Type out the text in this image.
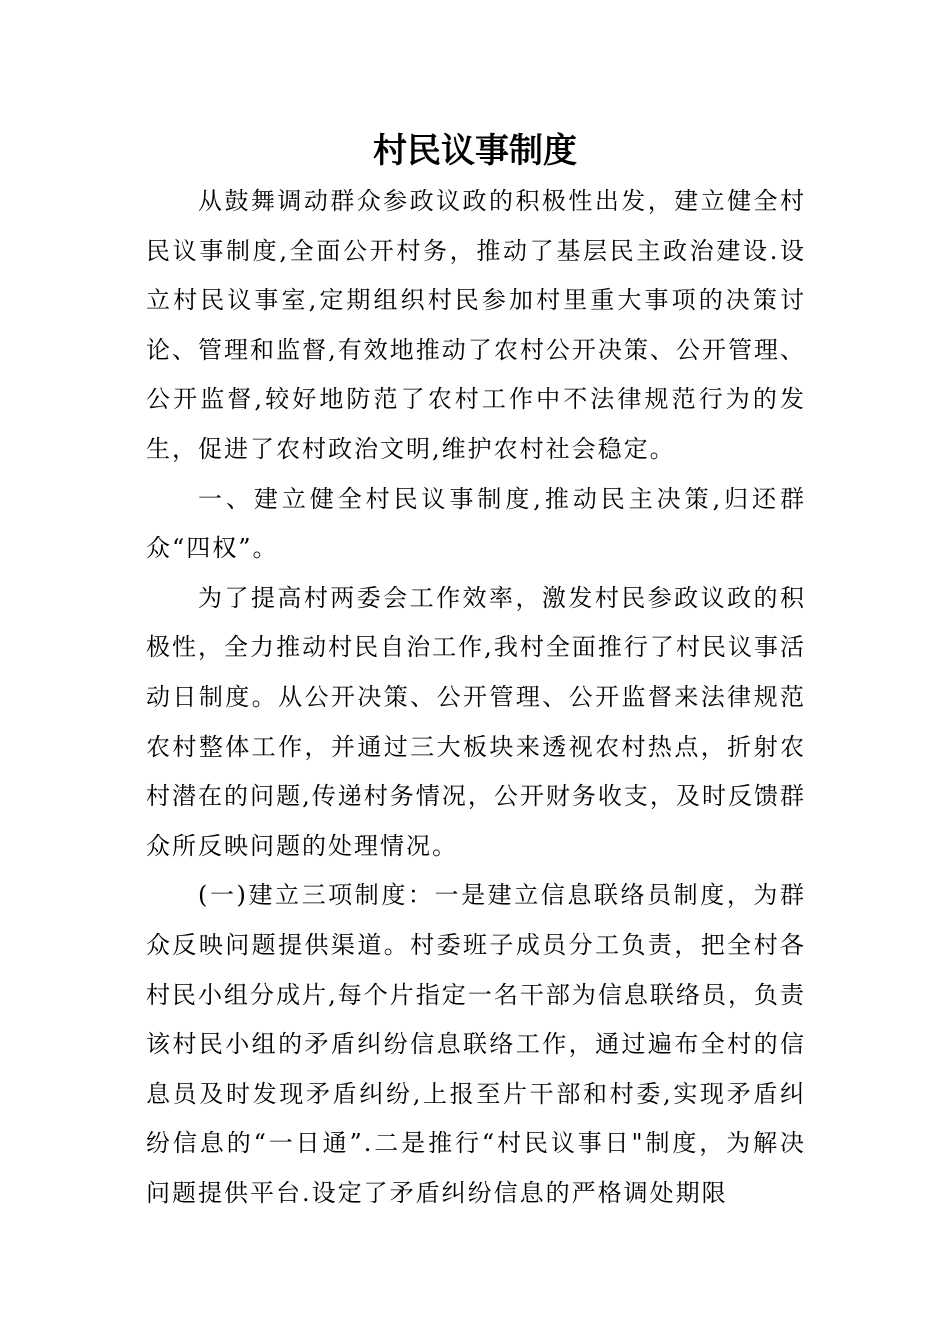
村民议事制度

从鼓舞调动群众参政议政的积极性出发，建立健全村民议事制度,全面公开村务，推动了基层民主政治建设.设立村民议事室,定期组织村民参加村里重大事项的决策讨论、管理和监督,有效地推动了农村公开决策、公开管理、公开监督,较好地防范了农村工作中不法律规范行为的发生，促进了农村政治文明,维护农村社会稳定。

一、建立健全村民议事制度,推动民主决策,归还群众“四权”。

为了提高村两委会工作效率，激发村民参政议政的积极性，全力推动村民自治工作,我村全面推行了村民议事活动日制度。从公开决策、公开管理、公开监督来法律规范农村整体工作，并通过三大板块来透视农村热点，折射农村潜在的问题,传递村务情况，公开财务收支，及时反馈群众所反映问题的处理情况。

(一)建立三项制度：一是建立信息联络员制度，为群众反映问题提供渠道。村委班子成员分工负责，把全村各村民小组分成片,每个片指定一名干部为信息联络员，负责该村民小组的矛盾纠纷信息联络工作，通过遍布全村的信息员及时发现矛盾纠纷,上报至片干部和村委,实现矛盾纠纷信息的“一日通”.二是推行“村民议事日"制度，为解决问题提供平台.设定了矛盾纠纷信息的严格调处期限
